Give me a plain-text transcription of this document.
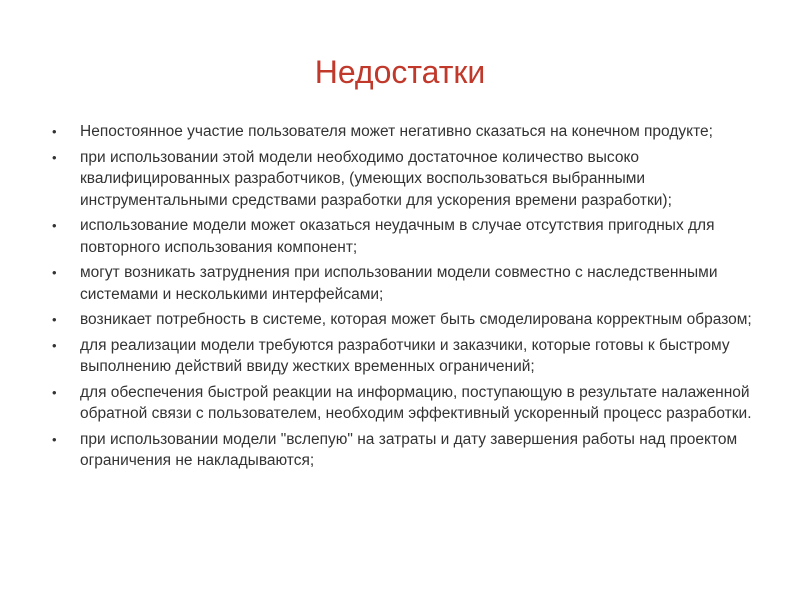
Недостатки
•	Непостоянное участие пользователя может негативно сказаться на конечном продукте;
•	при использовании этой модели необходимо достаточное количество высоко квалифицированных разработчиков, (умеющих воспользоваться выбранными инструментальными средствами разработки для ускорения времени разработки);
•	использование модели может оказаться неудачным в случае отсутствия пригодных для повторного использования компонент;
•	могут возникать затруднения при использовании модели совместно с наследственными системами и несколькими интерфейсами;
•	возникает потребность в системе, которая может быть смоделирована корректным образом;
•	для реализации модели требуются разработчики и заказчики, которые готовы к быстрому выполнению действий ввиду жестких временных ограничений;
•	для обеспечения быстрой реакции на информацию, поступающую в результате налаженной обратной связи с пользователем, необходим эффективный ускоренный процесс разработки.
•	при использовании модели "вслепую" на затраты и дату завершения работы над проектом ограничения не накладываются;
